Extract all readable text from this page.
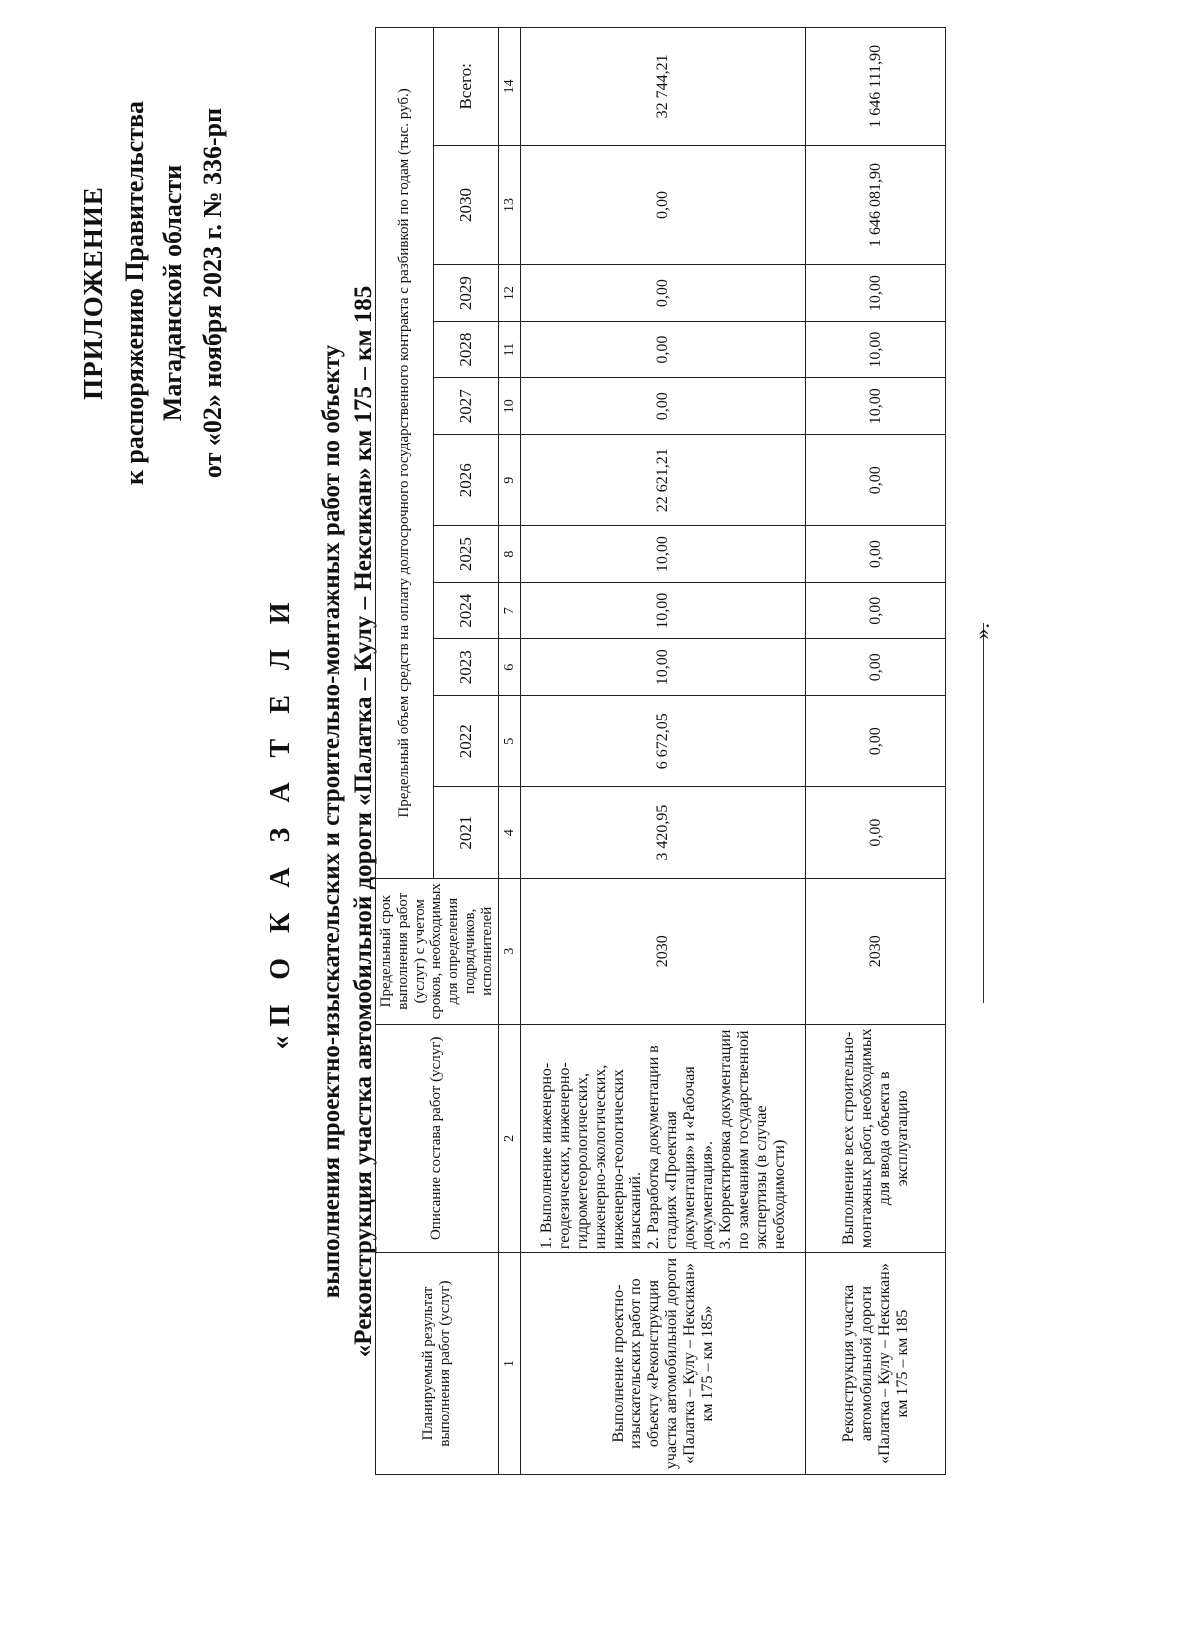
ПРИЛОЖЕНИЕ к распоряжению Правительства Магаданской области от «02» ноября 2023 г. № 336-рп
«П О К А З А Т Е Л И выполнения проектно-изыскательских и строительно-монтажных работ по объекту «Реконструкция участка автомобильной дороги «Палатка – Кулу – Нексикан» км 175 – км 185
Планируемый результат выполнения работ (услуг)	Описание состава работ (услуг)	Предельный срок выполнения работ (услуг) с учетом сроков, необходимых для определения подрядчиков, исполнителей	Предельный объем средств на оплату долгосрочного государственного контракта с разбивкой по годам (тыс. руб.)										
			2021	2022	2023	2024	2025	2026	2027	2028	2029	2030	Всего:
1	2	3	4	5	6	7	8	9	10	11	12	13	14
Выполнение проектно-изыскательских работ по объекту «Реконструкция участка автомобильной дороги «Палатка – Кулу – Нексикан» км 175 – км 185»	1. Выполнение инженерно-геодезических, инженерно-гидрометеорологических, инженерно-экологических, инженерно-геологических изысканий.
2. Разработка документации в стадиях «Проектная документация» и «Рабочая документация».
3. Корректировка документации по замечаниям государственной экспертизы (в случае необходимости)	2030	3 420,95	6 672,05	10,00	10,00	10,00	22 621,21	0,00	0,00	0,00	0,00	32 744,21
Реконструкция участка автомобильной дороги «Палатка – Кулу – Нексикан» км 175 – км 185	Выполнение всех строительно-монтажных работ, необходимых для ввода объекта в эксплуатацию	2030	0,00	0,00	0,00	0,00	0,00	0,00	10,00	10,00	10,00	1 646 081,90	1 646 111,90
».
